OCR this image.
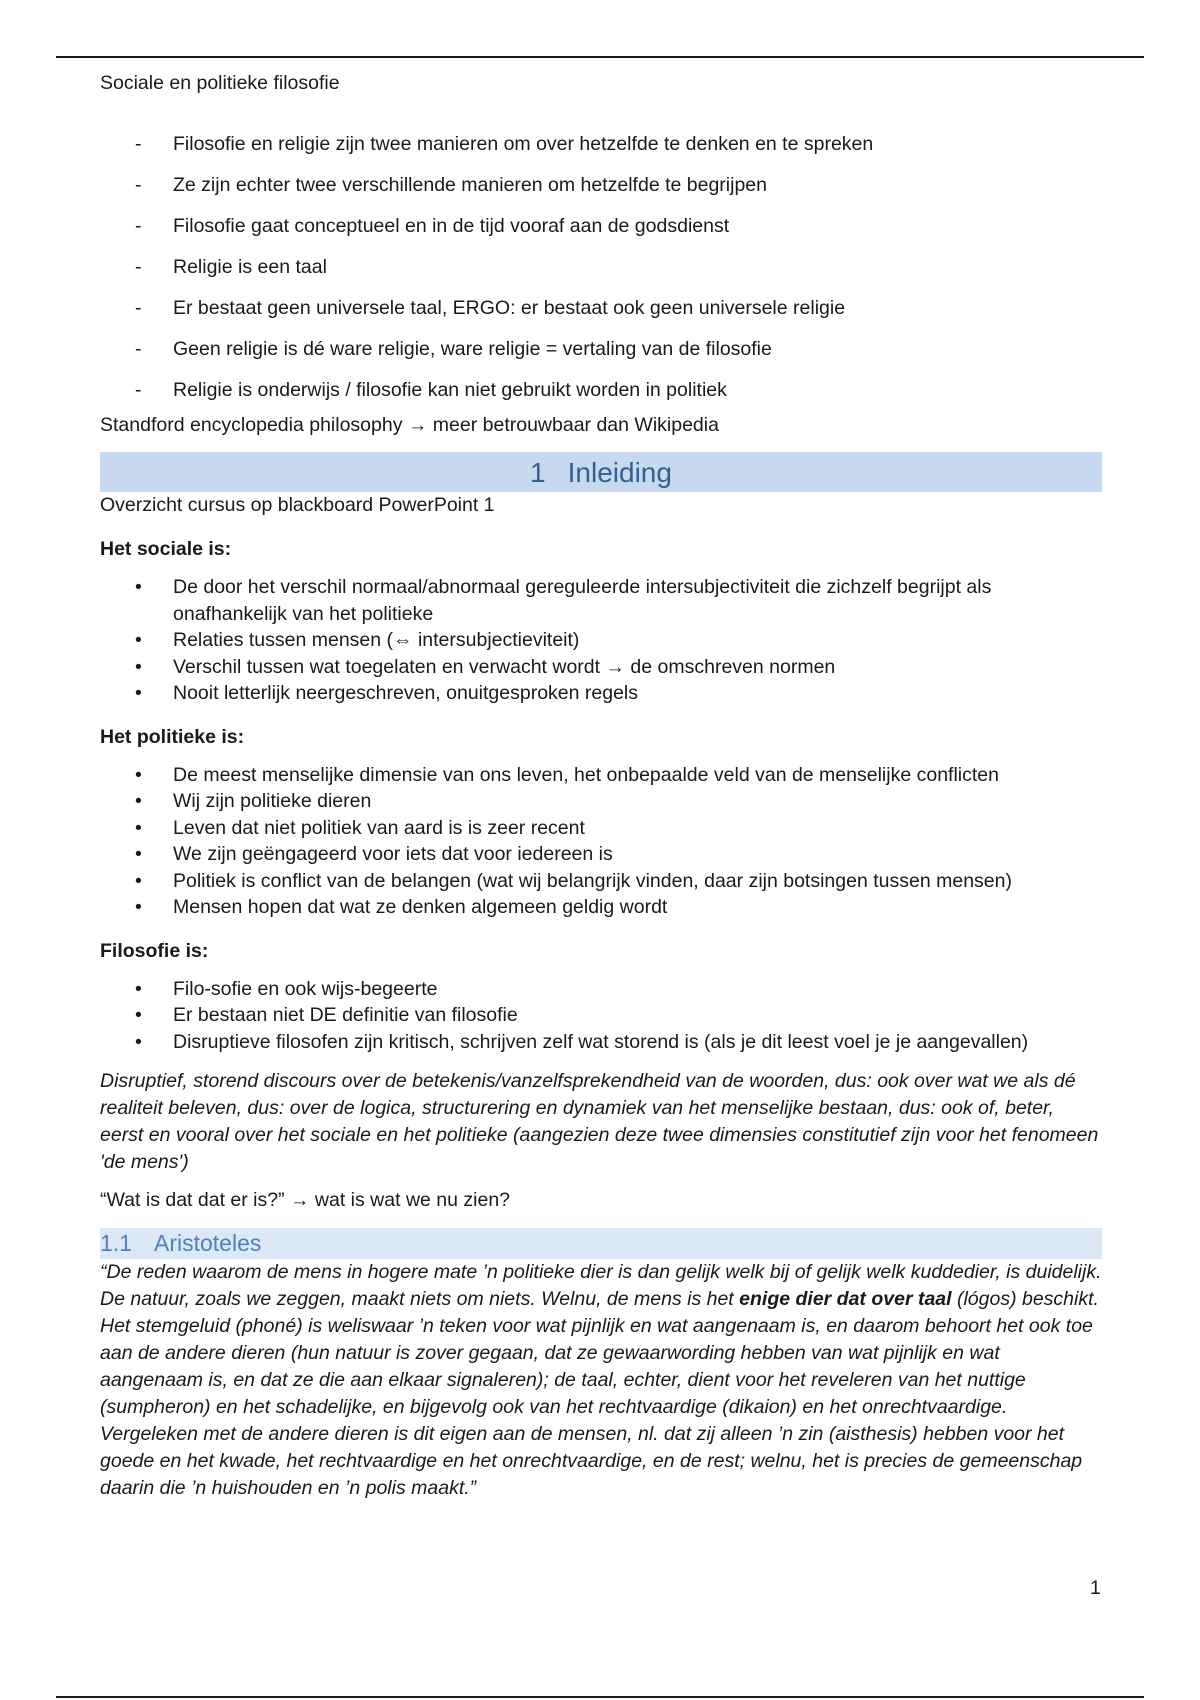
Sociale en politieke filosofie
- Filosofie en religie zijn twee manieren om over hetzelfde te denken en te spreken
- Ze zijn echter twee verschillende manieren om hetzelfde te begrijpen
- Filosofie gaat conceptueel en in de tijd vooraf aan de godsdienst
- Religie is een taal
- Er bestaat geen universele taal, ERGO: er bestaat ook geen universele religie
- Geen religie is dé ware religie, ware religie = vertaling van de filosofie
- Religie is onderwijs / filosofie kan niet gebruikt worden in politiek

Standford encyclopedia philosophy → meer betrouwbaar dan Wikipedia

1 Inleiding

Overzicht cursus op blackboard PowerPoint 1

Het sociale is:
• De door het verschil normaal/abnormaal gereguleerde intersubjectiviteit die zichzelf begrijpt als onafhankelijk van het politieke
• Relaties tussen mensen (⇔ intersubjectieviteit)
• Verschil tussen wat toegelaten en verwacht wordt → de omschreven normen
• Nooit letterlijk neergeschreven, onuitgesproken regels
Het politieke is:
• De meest menselijke dimensie van ons leven, het onbepaalde veld van de menselijke conflicten
• Wij zijn politieke dieren
• Leven dat niet politiek van aard is is zeer recent
• We zijn geëngageerd voor iets dat voor iedereen is
• Politiek is conflict van de belangen (wat wij belangrijk vinden, daar zijn botsingen tussen mensen)
• Mensen hopen dat wat ze denken algemeen geldig wordt
Filosofie is:
• Filo-sofie en ook wijs-begeerte
• Er bestaan niet DE definitie van filosofie
• Disruptieve filosofen zijn kritisch, schrijven zelf wat storend is (als je dit leest voel je je aangevallen)

Disruptief, storend discours over de betekenis/vanzelfsprekendheid van de woorden, dus: ook over wat we als dé realiteit beleven, dus: over de logica, structurering en dynamiek van het menselijke bestaan, dus: ook of, beter, eerst en vooral over het sociale en het politieke (aangezien deze twee dimensies constitutief zijn voor het fenomeen 'de mens')

“Wat is dat dat er is?” → wat is wat we nu zien?

1.1 Aristoteles

“De reden waarom de mens in hogere mate ’n politieke dier is dan gelijk welk bij of gelijk welk kuddedier, is duidelijk. De natuur, zoals we zeggen, maakt niets om niets. Welnu, de mens is het enige dier dat over taal (lógos) beschikt. Het stemgeluid (phoné) is weliswaar ’n teken voor wat pijnlijk en wat aangenaam is, en daarom behoort het ook toe aan de andere dieren (hun natuur is zover gegaan, dat ze gewaarwording hebben van wat pijnlijk en wat aangenaam is, en dat ze die aan elkaar signaleren); de taal, echter, dient voor het reveleren van het nuttige (sumpheron) en het schadelijke, en bijgevolg ook van het rechtvaardige (dikaion) en het onrechtvaardige. Vergeleken met de andere dieren is dit eigen aan de mensen, nl. dat zij alleen ’n zin (aisthesis) hebben voor het goede en het kwade, het rechtvaardige en het onrechtvaardige, en de rest; welnu, het is precies de gemeenschap daarin die ’n huishouden en ’n polis maakt.”

1
